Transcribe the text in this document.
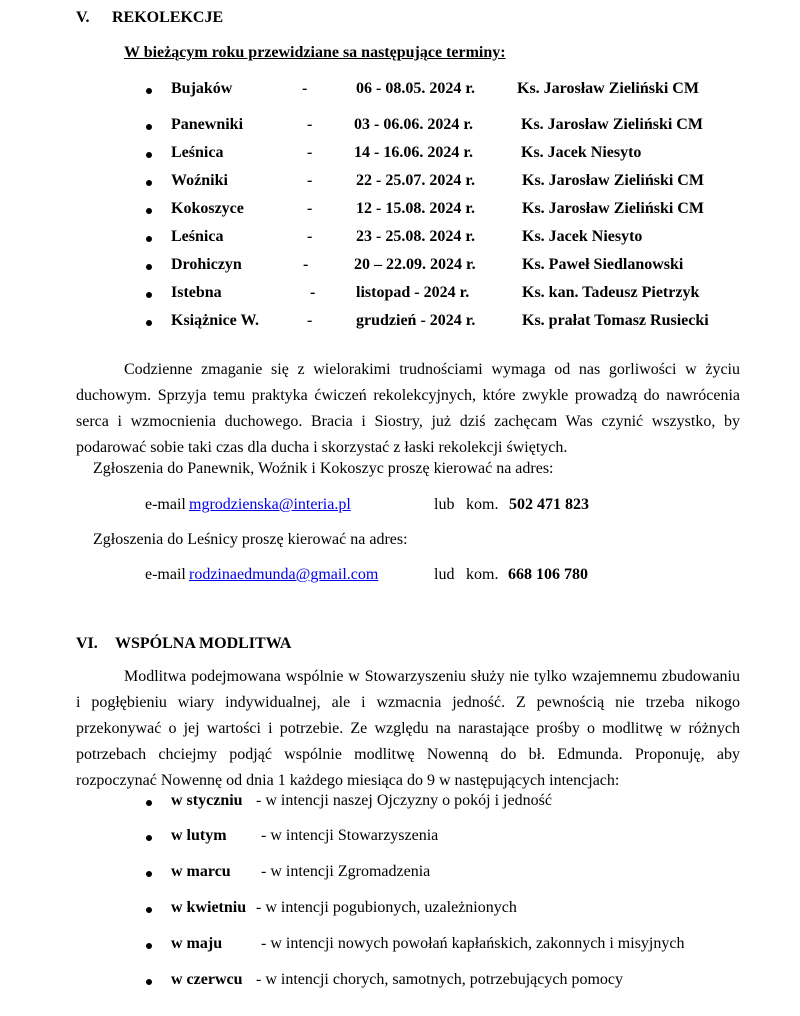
V. REKOLEKCJE
W bieżącym roku przewidziane sa następujące terminy:
Bujaków	-	06 - 08.05. 2024 r.	Ks. Jarosław Zieliński CM
Panewniki	-	03 - 06.06. 2024 r.	Ks. Jarosław Zieliński CM
Leśnica	-	14 - 16.06. 2024 r.	Ks. Jacek Niesyto
Woźniki	-	22 - 25.07. 2024 r.	Ks. Jarosław Zieliński CM
Kokoszyce	-	12 - 15.08. 2024 r.	Ks. Jarosław Zieliński CM
Leśnica	-	23 - 25.08. 2024 r.	Ks. Jacek Niesyto
Drohiczyn	-	20 – 22.09. 2024 r.	Ks. Paweł Siedlanowski
Istebna	-	listopad - 2024 r.	Ks. kan. Tadeusz Pietrzyk
Książnice W.	-	grudzień - 2024 r.	Ks. prałat Tomasz Rusiecki
Codzienne zmaganie się z wielorakimi trudnościami wymaga od nas gorliwości w życiu duchowym. Sprzyja temu praktyka ćwiczeń rekolekcyjnych, które zwykle prowadzą do nawrócenia serca i wzmocnienia duchowego. Bracia i Siostry, już dziś zachęcam Was czynić wszystko, by podarować sobie taki czas dla ducha i skorzystać z łaski rekolekcji świętych.
Zgłoszenia do Panewnik, Woźnik i Kokoszyc proszę kierować na adres:
e-mail mgrodzienska@interia.pl	lub kom. 502 471 823
Zgłoszenia do Leśnicy proszę kierować na adres:
e-mail rodzinaedmunda@gmail.com	lud kom. 668 106 780
VI. WSPÓLNA MODLITWA
Modlitwa podejmowana wspólnie w Stowarzyszeniu służy nie tylko wzajemnemu zbudowaniu i pogłębieniu wiary indywidualnej, ale i wzmacnia jedność. Z pewnością nie trzeba nikogo przekonywać o jej wartości i potrzebie. Ze względu na narastające prośby o modlitwę w różnych potrzebach chciejmy podjąć wspólnie modlitwę Nowenną do bł. Edmunda. Proponuję, aby rozpoczynać Nowennę od dnia 1 każdego miesiąca do 9 w następujących intencjach:
w styczniu - w intencji naszej Ojczyzny o pokój i jedność
w lutym - w intencji Stowarzyszenia
w marcu - w intencji Zgromadzenia
w kwietniu - w intencji pogubionych, uzależnionych
w maju - w intencji nowych powołań kapłańskich, zakonnych i misyjnych
w czerwcu - w intencji chorych, samotnych, potrzebujących pomocy
